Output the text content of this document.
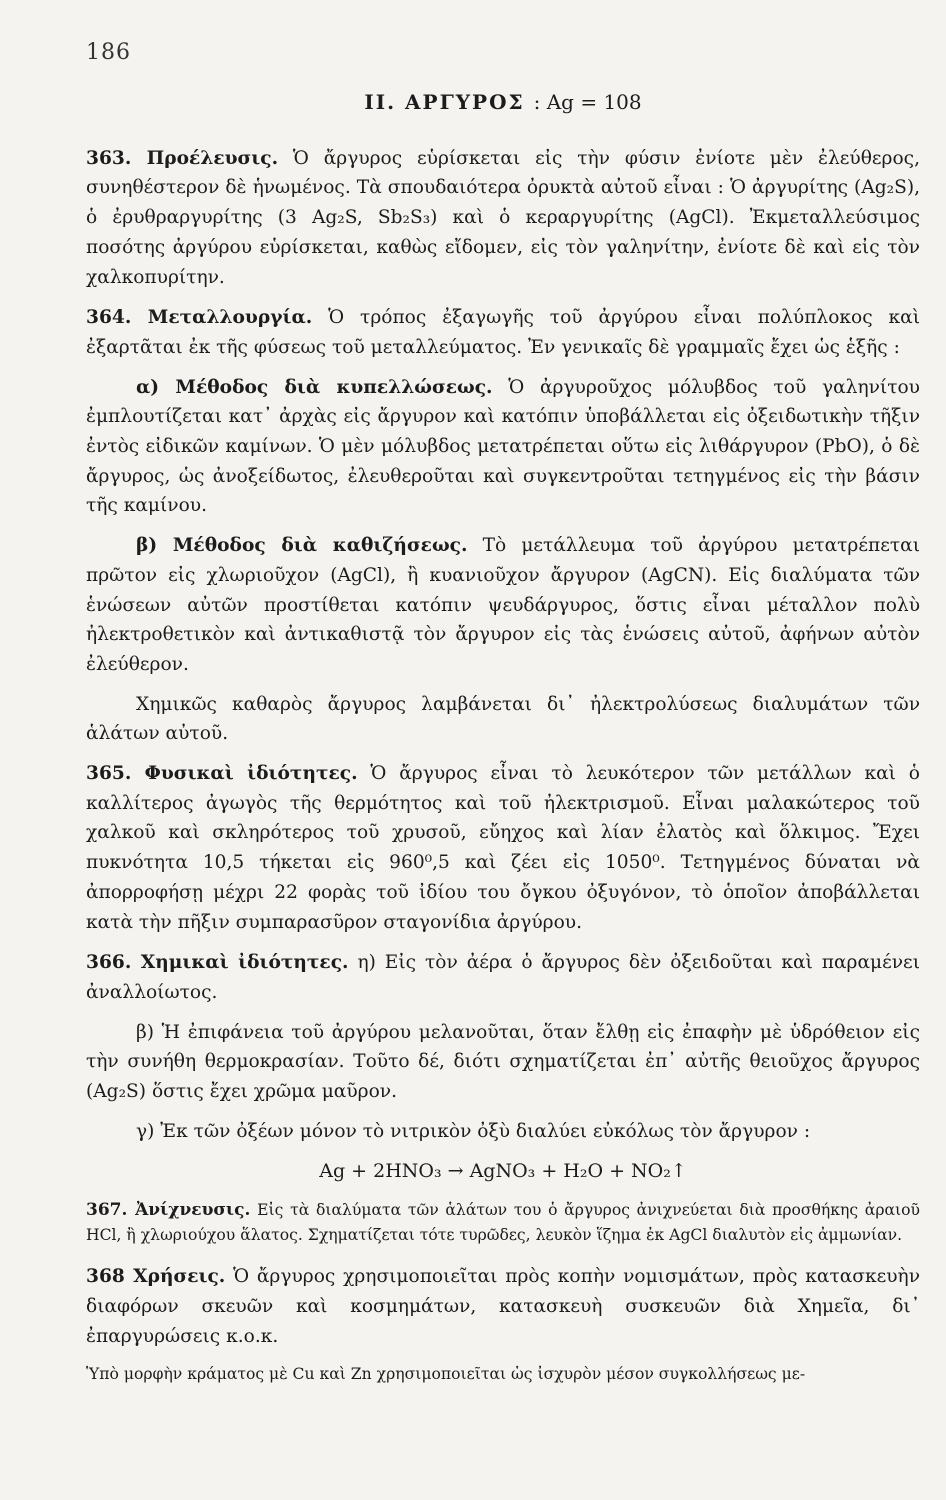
186
II. ΑΡΓΥΡΟΣ : Ag = 108

363. Προέλευσις. Ὁ ἄργυρος εὑρίσκεται εἰς τὴν φύσιν ἐνίοτε μὲν ἐλεύθερος, συνηθέστερον δὲ ἡνωμένος. Τὰ σπουδαιότερα ὀρυκτὰ αὐτοῦ εἶναι : Ὁ ἀργυρίτης (Ag₂S), ὁ ἐρυθραργυρίτης (3 Ag₂S, Sb₂S₃) καὶ ὁ κεραργυρίτης (AgCl). Ἐκμεταλλεύσιμος ποσότης ἀργύρου εὑρίσκεται, καθὼς εἴδομεν, εἰς τὸν γαληνίτην, ἐνίοτε δὲ καὶ εἰς τὸν χαλκοπυρίτην.

364. Μεταλλουργία. Ὁ τρόπος ἐξαγωγῆς τοῦ ἀργύρου εἶναι πολύπλοκος καὶ ἐξαρτᾶται ἐκ τῆς φύσεως τοῦ μεταλλεύματος. Ἐν γενικαῖς δὲ γραμμαῖς ἔχει ὡς ἑξῆς :

α) Μέθοδος διὰ κυπελλώσεως. Ὁ ἀργυροῦχος μόλυβδος τοῦ γαληνίτου ἐμπλουτίζεται κατ᾽ ἀρχὰς εἰς ἄργυρον καὶ κατόπιν ὑποβάλλεται εἰς ὀξειδωτικὴν τῆξιν ἐντὸς εἰδικῶν καμίνων. Ὁ μὲν μόλυβδος μετατρέπεται οὕτω εἰς λιθάργυρον (PbO), ὁ δὲ ἄργυρος, ὡς ἀνοξείδωτος, ἐλευθεροῦται καὶ συγκεντροῦται τετηγμένος εἰς τὴν βάσιν τῆς καμίνου.

β) Μέθοδος διὰ καθιζήσεως. Τὸ μετάλλευμα τοῦ ἀργύρου μετατρέπεται πρῶτον εἰς χλωριοῦχον (AgCl), ἢ κυανιοῦχον ἄργυρον (AgCN). Εἰς διαλύματα τῶν ἑνώσεων αὐτῶν προστίθεται κατόπιν ψευδάργυρος, ὅστις εἶναι μέταλλον πολὺ ἠλεκτροθετικὸν καὶ ἀντικαθιστᾷ τὸν ἄργυρον εἰς τὰς ἑνώσεις αὐτοῦ, ἀφήνων αὐτὸν ἐλεύθερον.

Χημικῶς καθαρὸς ἄργυρος λαμβάνεται δι᾽ ἠλεκτρολύσεως διαλυμάτων τῶν ἁλάτων αὐτοῦ.

365. Φυσικαὶ ἰδιότητες. Ὁ ἄργυρος εἶναι τὸ λευκότερον τῶν μετάλλων καὶ ὁ καλλίτερος ἀγωγὸς τῆς θερμότητος καὶ τοῦ ἠλεκτρισμοῦ. Εἶναι μαλακώτερος τοῦ χαλκοῦ καὶ σκληρότερος τοῦ χρυσοῦ, εὔηχος καὶ λίαν ἐλατὸς καὶ ὅλκιμος. Ἔχει πυκνότητα 10,5 τήκεται εἰς 960⁰,5 καὶ ζέει εἰς 1050⁰. Τετηγμένος δύναται νὰ ἀπορροφήσῃ μέχρι 22 φορὰς τοῦ ἰδίου του ὄγκου ὀξυγόνον, τὸ ὁποῖον ἀποβάλλεται κατὰ τὴν πῆξιν συμπαρασῦρον σταγονίδια ἀργύρου.

366. Χημικαὶ ἰδιότητες. η) Εἰς τὸν ἀέρα ὁ ἄργυρος δὲν ὀξειδοῦται καὶ παραμένει ἀναλλοίωτος.

β) Ἡ ἐπιφάνεια τοῦ ἀργύρου μελανοῦται, ὅταν ἔλθῃ εἰς ἐπαφὴν μὲ ὑδρόθειον εἰς τὴν συνήθη θερμοκρασίαν. Τοῦτο δέ, διότι σχηματίζεται ἐπ᾽ αὐτῆς θειοῦχος ἄργυρος (Ag₂S) ὅστις ἔχει χρῶμα μαῦρον.

γ) Ἐκ τῶν ὀξέων μόνον τὸ νιτρικὸν ὀξὺ διαλύει εὐκόλως τὸν ἄργυρον :

Ag + 2HNO₃ → AgNO₃ + H₂O + NO₂↑

367. Ἀνίχνευσις. Εἰς τὰ διαλύματα τῶν ἁλάτων του ὁ ἄργυρος ἀνιχνεύεται διὰ προσθήκης ἀραιοῦ HCl, ἢ χλωριούχου ἅλατος. Σχηματίζεται τότε τυρῶδες, λευκὸν ἵζημα ἐκ AgCl διαλυτὸν εἰς ἀμμωνίαν.

368 Χρήσεις. Ὁ ἄργυρος χρησιμοποιεῖται πρὸς κοπὴν νομισμάτων, πρὸς κατασκευὴν διαφόρων σκευῶν καὶ κοσμημάτων, κατασκευὴ συσκευῶν διὰ Χημεῖα, δι᾽ ἐπαργυρώσεις κ.ο.κ.

Ὑπὸ μορφὴν κράματος μὲ Cu καὶ Zn χρησιμοποιεῖται ὡς ἰσχυρὸν μέσον συγκολλήσεως με-
